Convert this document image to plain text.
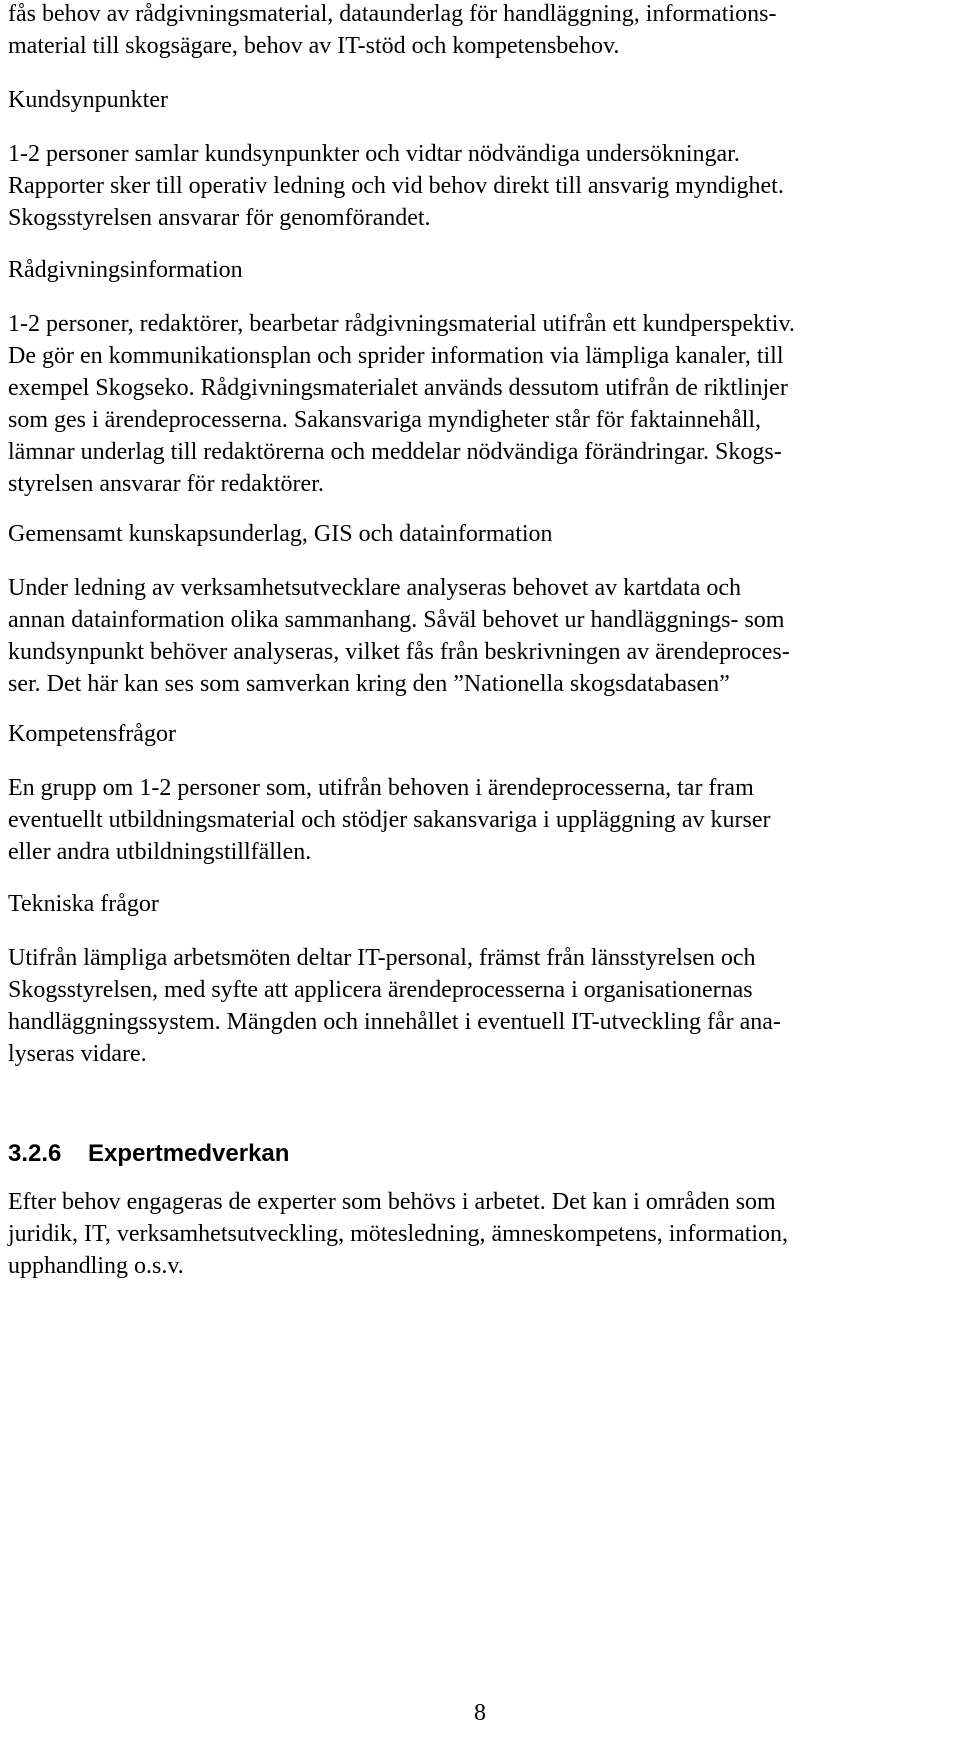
fås behov av rådgivningsmaterial, dataunderlag för handläggning, informations-
material till skogsägare, behov av IT-stöd och kompetensbehov.
Kundsynpunkter
1-2 personer samlar kundsynpunkter och vidtar nödvändiga undersökningar.
Rapporter sker till operativ ledning och vid behov direkt till ansvarig myndighet.
Skogsstyrelsen ansvarar för genomförandet.
Rådgivningsinformation
1-2 personer, redaktörer, bearbetar rådgivningsmaterial utifrån ett kundperspektiv.
De gör en kommunikationsplan och sprider information via lämpliga kanaler, till
exempel Skogseko. Rådgivningsmaterialet används dessutom utifrån de riktlinjer
som ges i ärendeprocesserna. Sakansvariga myndigheter står för faktainnehåll,
lämnar underlag till redaktörerna och meddelar nödvändiga förändringar. Skogs-
styrelsen ansvarar för redaktörer.
Gemensamt kunskapsunderlag, GIS och datainformation
Under ledning av verksamhetsutvecklare analyseras behovet av kartdata och
annan datainformation olika sammanhang. Såväl behovet ur handläggnings- som
kundsynpunkt behöver analyseras, vilket fås från beskrivningen av ärendeproces-
ser. Det här kan ses som samverkan kring den ”Nationella skogsdatabasen”
Kompetensfrågor
En grupp om 1-2 personer som, utifrån behoven i ärendeprocesserna, tar fram
eventuellt utbildningsmaterial och stödjer sakansvariga i uppläggning av kurser
eller andra utbildningstillfällen.
Tekniska frågor
Utifrån lämpliga arbetsmöten deltar IT-personal, främst från länsstyrelsen och
Skogsstyrelsen, med syfte att applicera ärendeprocesserna i organisationernas
handläggningssystem. Mängden och innehållet i eventuell IT-utveckling får ana-
lyseras vidare.
3.2.6 Expertmedverkan
Efter behov engageras de experter som behövs i arbetet. Det kan i områden som
juridik, IT, verksamhetsutveckling, mötesledning, ämneskompetens, information,
upphandling o.s.v.
8
